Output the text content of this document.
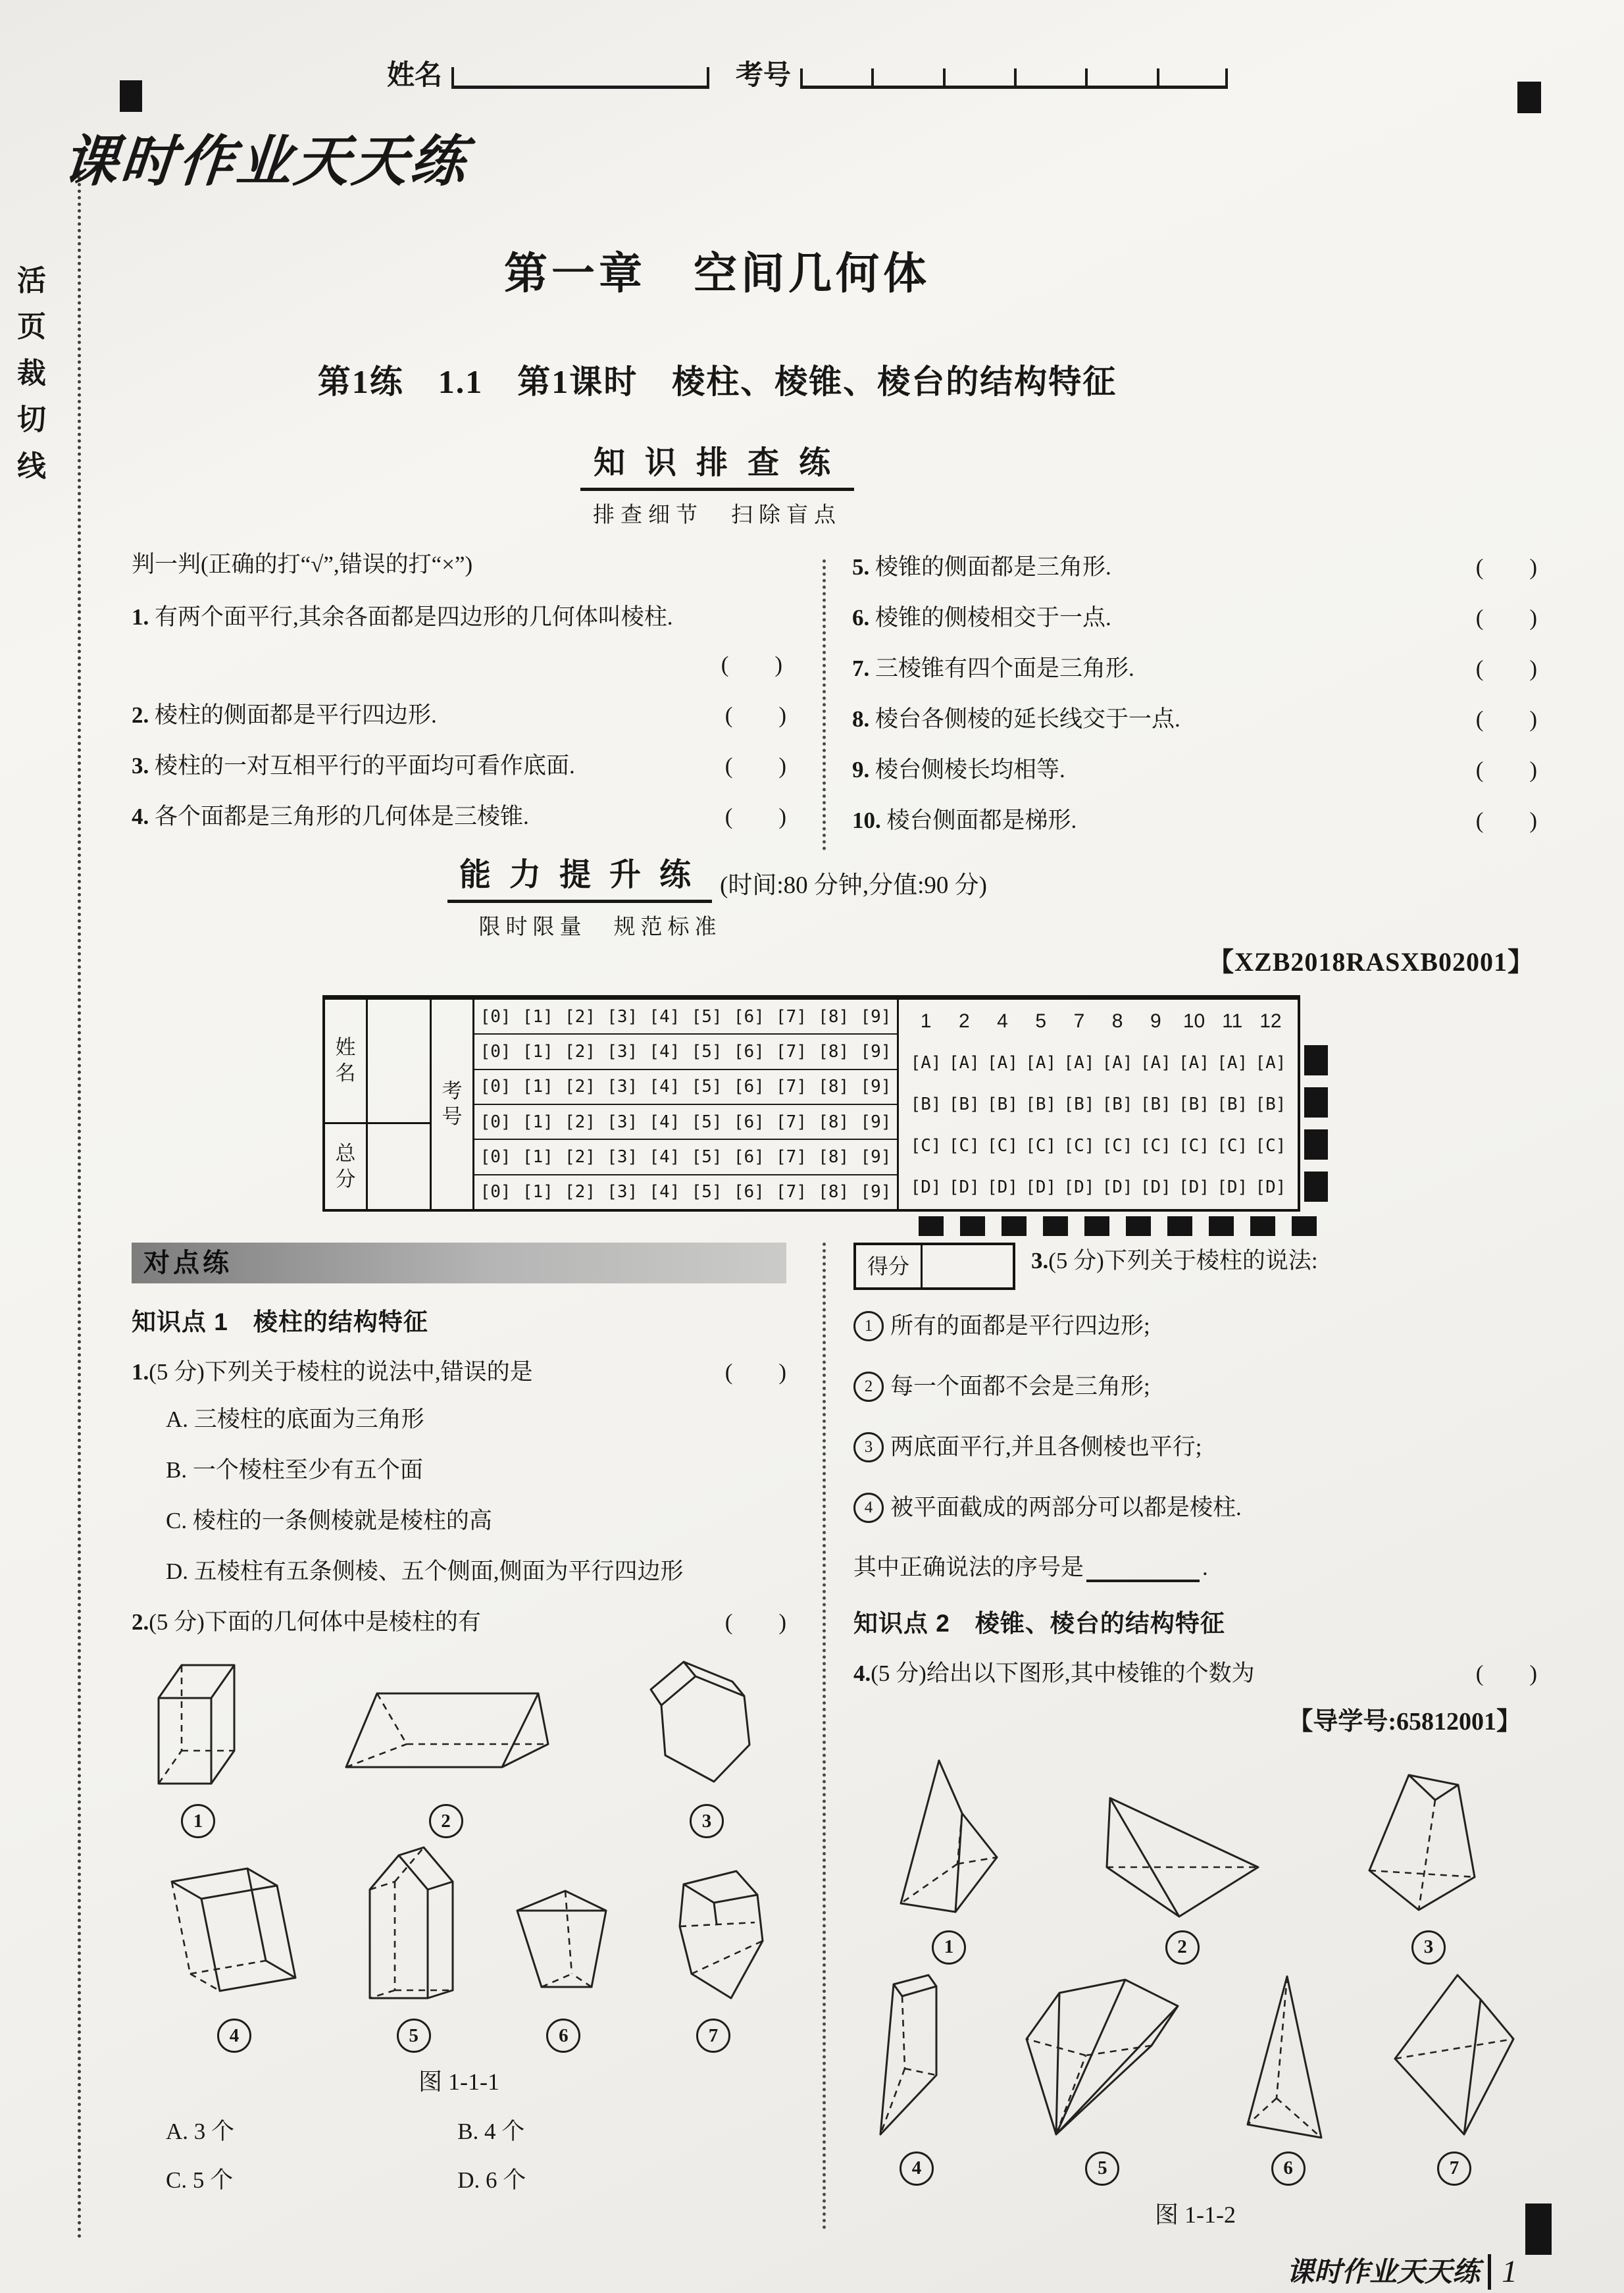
活页裁切线
姓名	考号
课时作业天天练
第一章　空间几何体
第1练　1.1　第1课时　棱柱、棱锥、棱台的结构特征
知识排查练
排查细节　扫除盲点
判一判(正确的打“√”,错误的打“×”)
1. 有两个面平行,其余各面都是四边形的几何体叫棱柱.
(　　)
2. 棱柱的侧面都是平行四边形.	(　　)
3. 棱柱的一对互相平行的平面均可看作底面.	(　　)
4. 各个面都是三角形的几何体是三棱锥.	(　　)
5. 棱锥的侧面都是三角形.	(　　)
6. 棱锥的侧棱相交于一点.	(　　)
7. 三棱锥有四个面是三角形.	(　　)
8. 棱台各侧棱的延长线交于一点.	(　　)
9. 棱台侧棱长均相等.	(　　)
10. 棱台侧面都是梯形.	(　　)
能力提升练 (时间:80 分钟,分值:90 分)
限时限量　规范标准
【XZB2018RASXB02001】
姓名
总分
考号
[0] [1] [2] [3] [4] [5] [6] [7] [8] [9]
[0] [1] [2] [3] [4] [5] [6] [7] [8] [9]
[0] [1] [2] [3] [4] [5] [6] [7] [8] [9]
[0] [1] [2] [3] [4] [5] [6] [7] [8] [9]
[0] [1] [2] [3] [4] [5] [6] [7] [8] [9]
[0] [1] [2] [3] [4] [5] [6] [7] [8] [9]
1	2	4	5	7	8	9	10 11 12
[A] [A] [A] [A] [A] [A] [A] [A] [A] [A]
[B] [B] [B] [B] [B] [B] [B] [B] [B] [B]
[C] [C] [C] [C] [C] [C] [C] [C] [C] [C]
[D] [D] [D] [D] [D] [D] [D] [D] [D] [D]
对点练
知识点 1　棱柱的结构特征
1.(5 分)下列关于棱柱的说法中,错误的是	(　　)
A. 三棱柱的底面为三角形
B. 一个棱柱至少有五个面
C. 棱柱的一条侧棱就是棱柱的高
D. 五棱柱有五条侧棱、五个侧面,侧面为平行四边形
2.(5 分)下面的几何体中是棱柱的有	(　　)
1	2	3
4	5	6	7
图 1-1-1
A. 3 个	B. 4 个
C. 5 个	D. 6 个
得分	3.(5 分)下列关于棱柱的说法:
1 所有的面都是平行四边形;
2 每一个面都不会是三角形;
3 两底面平行,并且各侧棱也平行;
4 被平面截成的两部分可以都是棱柱.
其中正确说法的序号是	.
知识点 2　棱锥、棱台的结构特征
4.(5 分)给出以下图形,其中棱锥的个数为	(　　)
【导学号:65812001】
1	2	3
4	5	6	7
图 1-1-2
课时作业天天练 1
